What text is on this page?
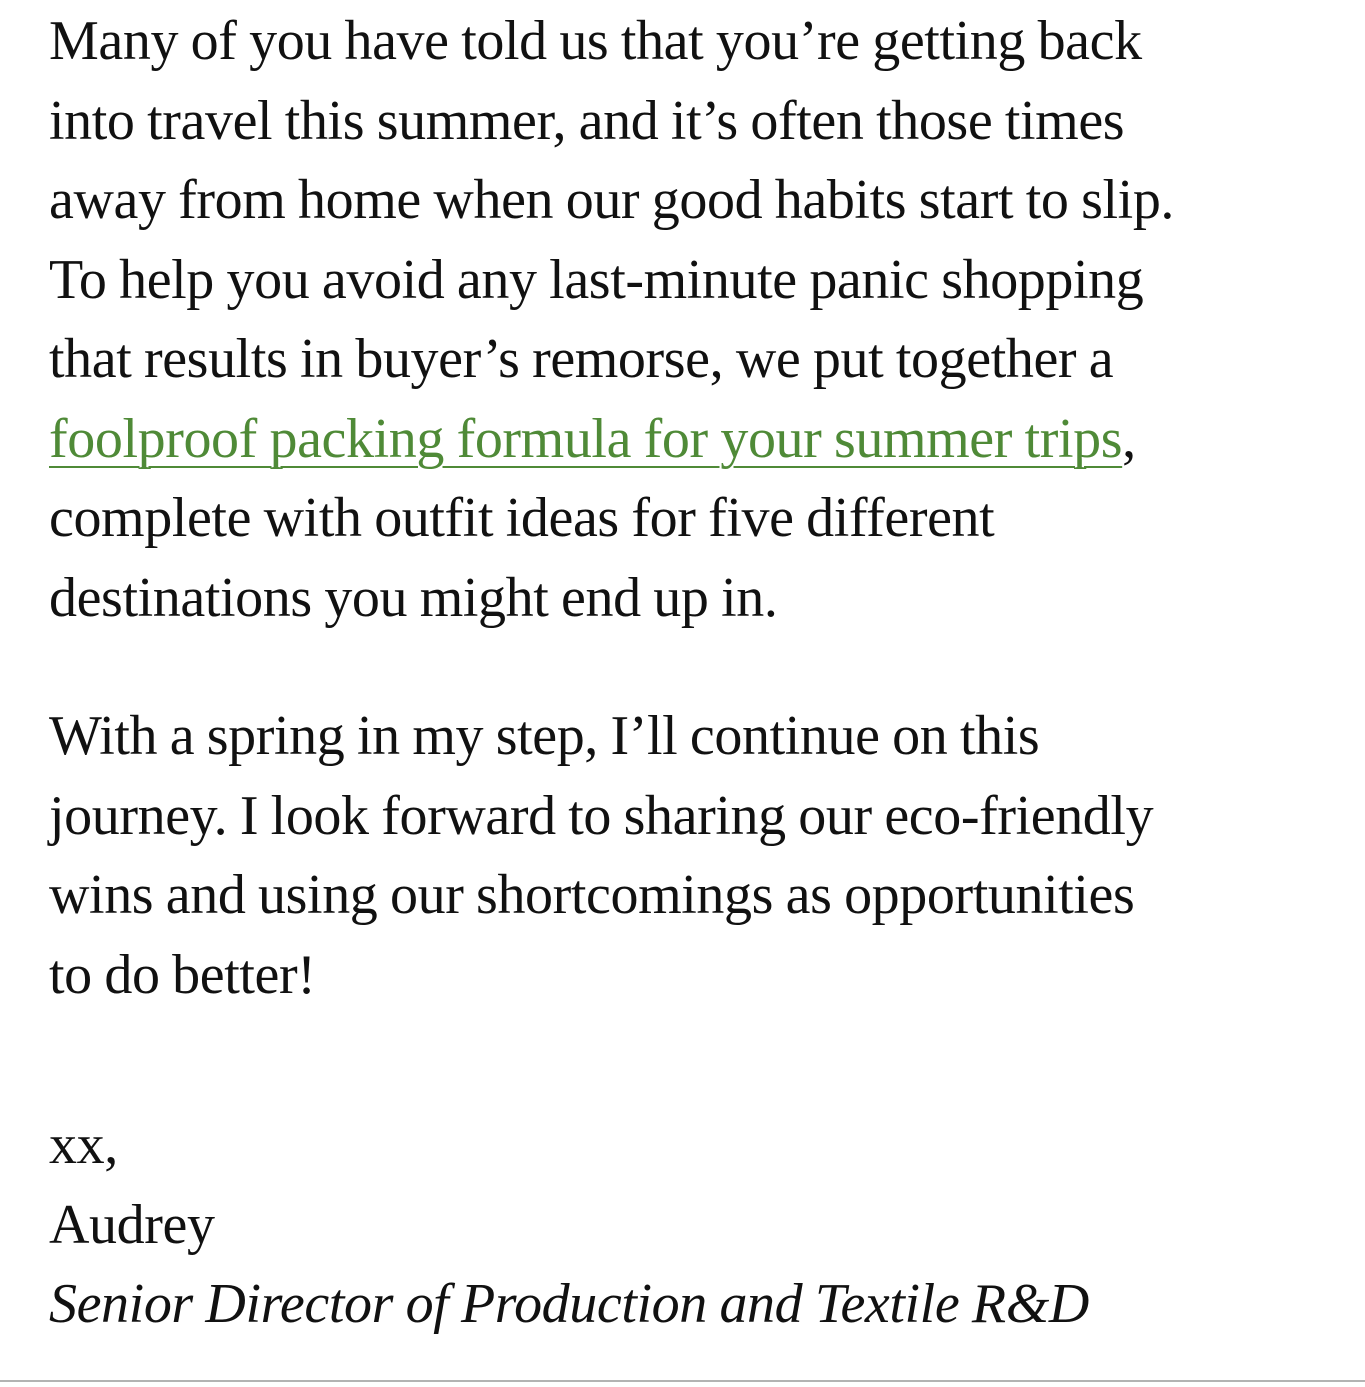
Many of you have told us that you’re getting back
into travel this summer, and it’s often those times
away from home when our good habits start to slip.
To help you avoid any last-minute panic shopping
that results in buyer’s remorse, we put together a
foolproof packing formula for your summer trips,
complete with outfit ideas for five different
destinations you might end up in.

With a spring in my step, I’ll continue on this
journey. I look forward to sharing our eco-friendly
wins and using our shortcomings as opportunities
to do better!

xx,
Audrey
Senior Director of Production and Textile R&D
